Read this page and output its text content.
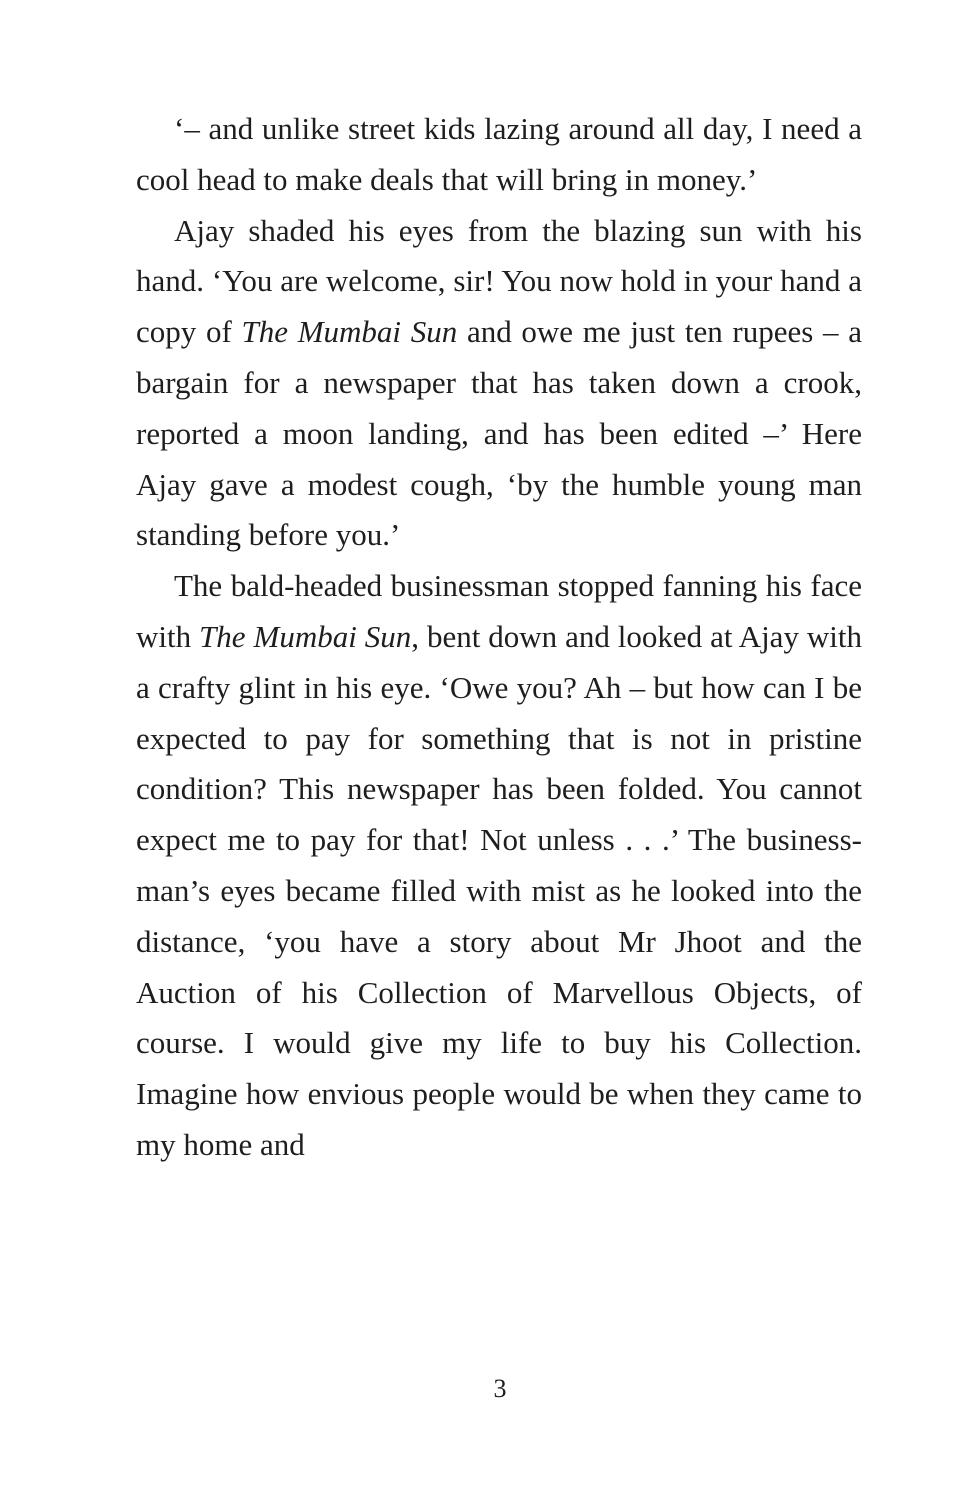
‘– and unlike street kids lazing around all day, I need a cool head to make deals that will bring in money.’

Ajay shaded his eyes from the blazing sun with his hand. ‘You are welcome, sir! You now hold in your hand a copy of The Mumbai Sun and owe me just ten rupees – a bargain for a newspaper that has taken down a crook, reported a moon landing, and has been edited –’ Here Ajay gave a modest cough, ‘by the humble young man standing before you.’

The bald-headed businessman stopped fanning his face with The Mumbai Sun, bent down and looked at Ajay with a crafty glint in his eye. ‘Owe you? Ah – but how can I be expected to pay for something that is not in pristine condition? This newspaper has been folded. You cannot expect me to pay for that! Not unless . . .’ The businessman’s eyes became filled with mist as he looked into the distance, ‘you have a story about Mr Jhoot and the Auction of his Collection of Marvellous Objects, of course. I would give my life to buy his Collection. Imagine how envious people would be when they came to my home and

3
